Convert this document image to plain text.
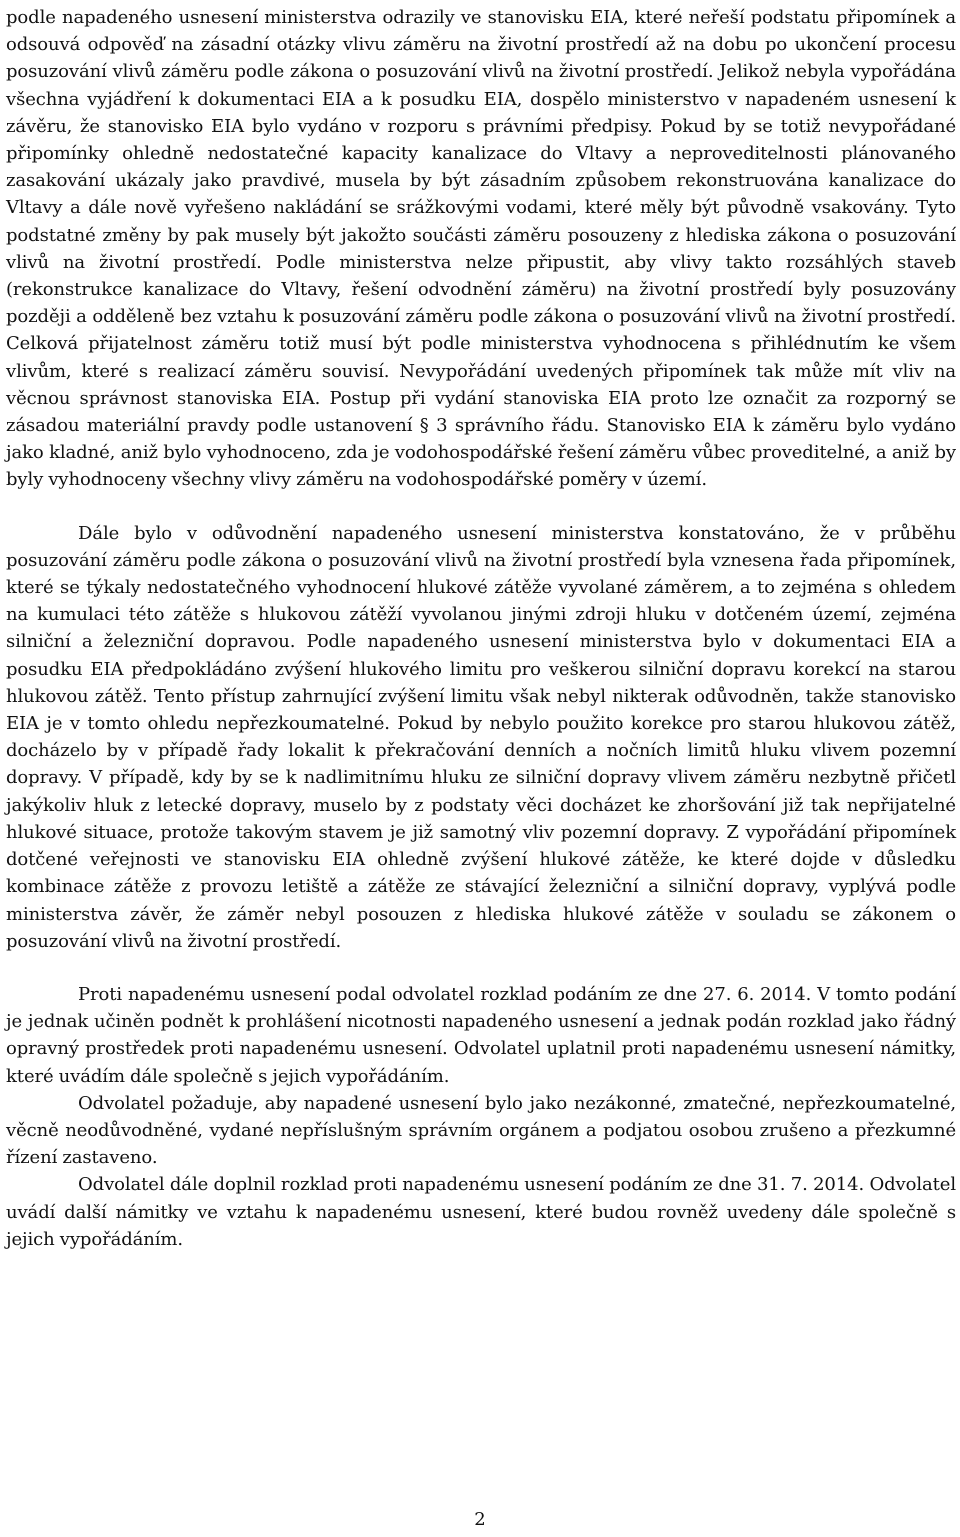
podle napadeného usnesení ministerstva odrazily ve stanovisku EIA, které neřeší podstatu připomínek a odsouvá odpověď na zásadní otázky vlivu záměru na životní prostředí až na dobu po ukončení procesu posuzování vlivů záměru podle zákona o posuzování vlivů na životní prostředí. Jelikož nebyla vypořádána všechna vyjádření k dokumentaci EIA a k posudku EIA, dospělo ministerstvo v napadeném usnesení k závěru, že stanovisko EIA bylo vydáno v rozporu s právními předpisy. Pokud by se totiž nevypořádané připomínky ohledně nedostatečné kapacity kanalizace do Vltavy a neproveditelnosti plánovaného zasakování ukázaly jako pravdivé, musela by být zásadním způsobem rekonstruována kanalizace do Vltavy a dále nově vyřešeno nakládání se srážkovými vodami, které měly být původně vsakovány. Tyto podstatné změny by pak musely být jakožto součásti záměru posouzeny z hlediska zákona o posuzování vlivů na životní prostředí. Podle ministerstva nelze připustit, aby vlivy takto rozsáhlých staveb (rekonstrukce kanalizace do Vltavy, řešení odvodnění záměru) na životní prostředí byly posuzovány později a odděleně bez vztahu k posuzování záměru podle zákona o posuzování vlivů na životní prostředí. Celková přijatelnost záměru totiž musí být podle ministerstva vyhodnocena s přihlédnutím ke všem vlivům, které s realizací záměru souvisí. Nevypořádání uvedených připomínek tak může mít vliv na věcnou správnost stanoviska EIA. Postup při vydání stanoviska EIA proto lze označit za rozporný se zásadou materiální pravdy podle ustanovení § 3 správního řádu. Stanovisko EIA k záměru bylo vydáno jako kladné, aniž bylo vyhodnoceno, zda je vodohospodářské řešení záměru vůbec proveditelné, a aniž by byly vyhodnoceny všechny vlivy záměru na vodohospodářské poměry v území.

Dále bylo v odůvodnění napadeného usnesení ministerstva konstatováno, že v průběhu posuzování záměru podle zákona o posuzování vlivů na životní prostředí byla vznesena řada připomínek, které se týkaly nedostatečného vyhodnocení hlukové zátěže vyvolané záměrem, a to zejména s ohledem na kumulaci této zátěže s hlukovou zátěží vyvolanou jinými zdroji hluku v dotčeném území, zejména silniční a železniční dopravou. Podle napadeného usnesení ministerstva bylo v dokumentaci EIA a posudku EIA předpokládáno zvýšení hlukového limitu pro veškerou silniční dopravu korekcí na starou hlukovou zátěž. Tento přístup zahrnující zvýšení limitu však nebyl nikterak odůvodněn, takže stanovisko EIA je v tomto ohledu nepřezkoumatelné. Pokud by nebylo použito korekce pro starou hlukovou zátěž, docházelo by v případě řady lokalit k překračování denních a nočních limitů hluku vlivem pozemní dopravy. V případě, kdy by se k nadlimitnímu hluku ze silniční dopravy vlivem záměru nezbytně přičetl jakýkoliv hluk z letecké dopravy, muselo by z podstaty věci docházet ke zhoršování již tak nepřijatelné hlukové situace, protože takovým stavem je již samotný vliv pozemní dopravy. Z vypořádání připomínek dotčené veřejnosti ve stanovisku EIA ohledně zvýšení hlukové zátěže, ke které dojde v důsledku kombinace zátěže z provozu letiště a zátěže ze stávající železniční a silniční dopravy, vyplývá podle ministerstva závěr, že záměr nebyl posouzen z hlediska hlukové zátěže v souladu se zákonem o posuzování vlivů na životní prostředí.

Proti napadenému usnesení podal odvolatel rozklad podáním ze dne 27. 6. 2014. V tomto podání je jednak učiněn podnět k prohlášení nicotnosti napadeného usnesení a jednak podán rozklad jako řádný opravný prostředek proti napadenému usnesení. Odvolatel uplatnil proti napadenému usnesení námitky, které uvádím dále společně s jejich vypořádáním.

Odvolatel požaduje, aby napadené usnesení bylo jako nezákonné, zmatečné, nepřezkoumatelné, věcně neodůvodněné, vydané nepříslušným správním orgánem a podjatou osobou zrušeno a přezkumné řízení zastaveno.

Odvolatel dále doplnil rozklad proti napadenému usnesení podáním ze dne 31. 7. 2014. Odvolatel uvádí další námitky ve vztahu k napadenému usnesení, které budou rovněž uvedeny dále společně s jejich vypořádáním.

2
